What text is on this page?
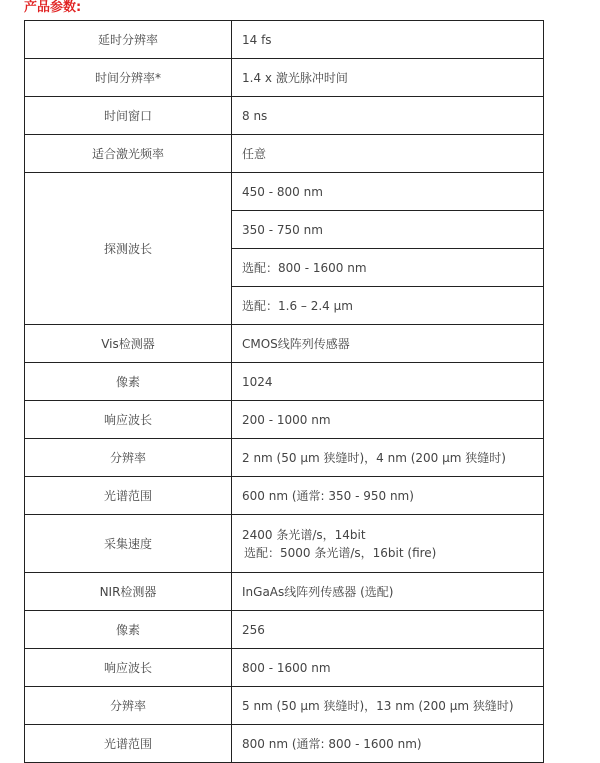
产品参数:
延时分辨率	14 fs
时间分辨率*	1.4 x 激光脉冲时间
时间窗口	8 ns
适合激光频率	任意
探测波长	450 - 800 nm
	350 - 750 nm
	选配：800 - 1600 nm
	选配：1.6 – 2.4 μm
Vis检测器	CMOS线阵列传感器
像素	1024
响应波长	200 - 1000 nm
分辨率	2 nm (50 μm 狭缝时)，4 nm (200 μm 狭缝时)
光谱范围	600 nm (通常: 350 - 950 nm)
采集速度	2400 条光谱/s，14bit
选配：5000 条光谱/s，16bit (fire)

NIR检测器	InGaAs线阵列传感器 (选配)
像素	256
响应波长	800 - 1600 nm
分辨率	5 nm (50 μm 狭缝时)，13 nm (200 μm 狭缝时)
光谱范围	800 nm (通常: 800 - 1600 nm)
